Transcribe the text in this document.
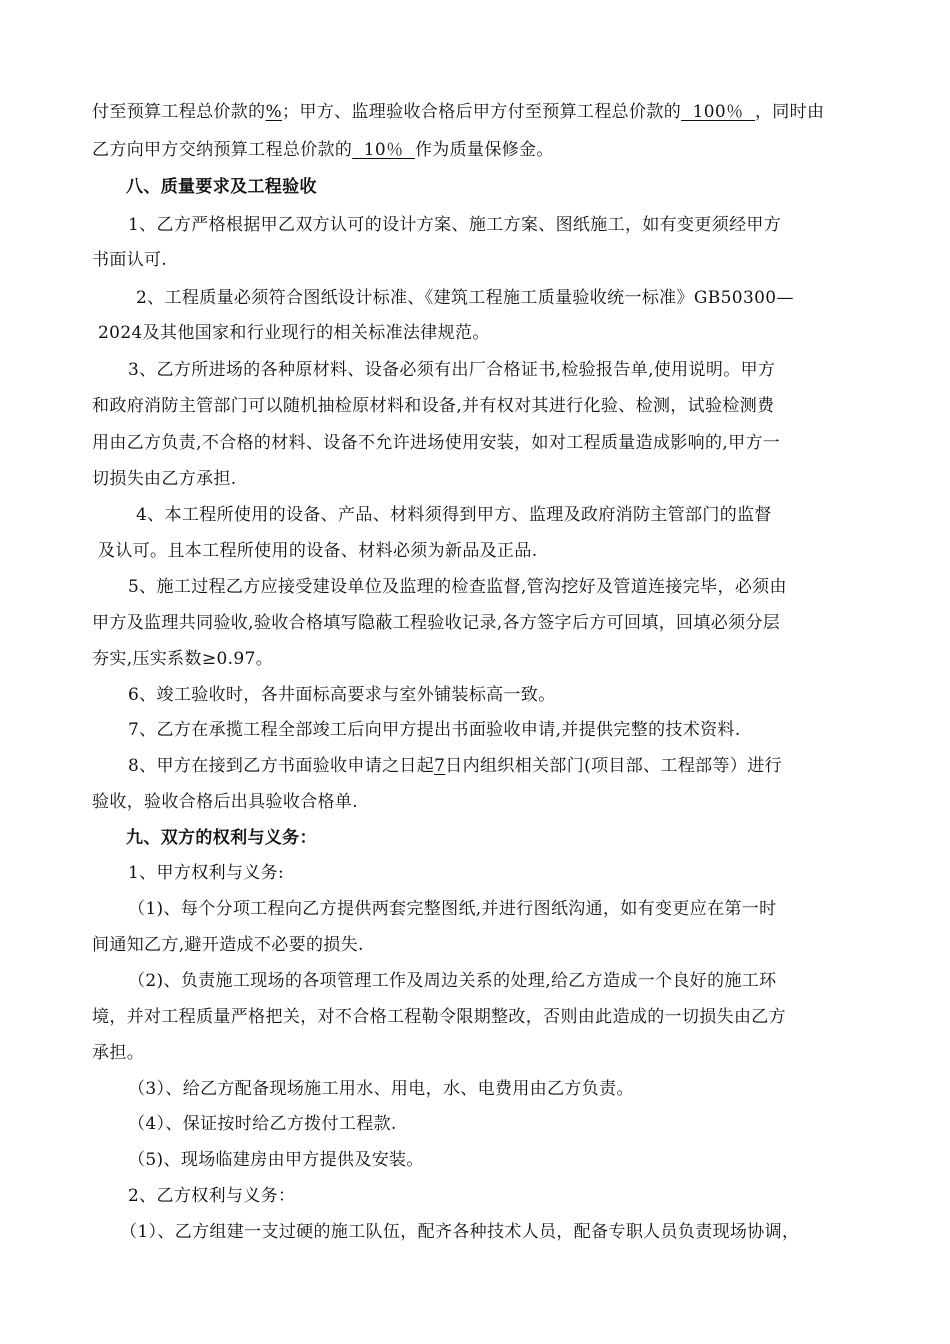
付至预算工程总价款的%；甲方、监理验收合格后甲方付至预算工程总价款的  100％  ，同时由
乙方向甲方交纳预算工程总价款的  10％  作为质量保修金。
八、质量要求及工程验收
1、乙方严格根据甲乙双方认可的设计方案、施工方案、图纸施工，如有变更须经甲方
书面认可.
2、工程质量必须符合图纸设计标准、《建筑工程施工质量验收统一标准》GB50300—
2024及其他国家和行业现行的相关标准法律规范。
3、乙方所进场的各种原材料、设备必须有出厂合格证书,检验报告单,使用说明。甲方
和政府消防主管部门可以随机抽检原材料和设备,并有权对其进行化验、检测，试验检测费
用由乙方负责,不合格的材料、设备不允许进场使用安装，如对工程质量造成影响的,甲方一
切损失由乙方承担.
4、本工程所使用的设备、产品、材料须得到甲方、监理及政府消防主管部门的监督
及认可。且本工程所使用的设备、材料必须为新品及正品.
5、施工过程乙方应接受建设单位及监理的检查监督,管沟挖好及管道连接完毕，必须由
甲方及监理共同验收,验收合格填写隐蔽工程验收记录,各方签字后方可回填，回填必须分层
夯实,压实系数≥0.97。
6、竣工验收时，各井面标高要求与室外铺装标高一致。
7、乙方在承揽工程全部竣工后向甲方提出书面验收申请,并提供完整的技术资料.
8、甲方在接到乙方书面验收申请之日起7日内组织相关部门(项目部、工程部等）进行
验收，验收合格后出具验收合格单.
九、双方的权利与义务：
1、甲方权利与义务:
（1)、每个分项工程向乙方提供两套完整图纸,并进行图纸沟通，如有变更应在第一时
间通知乙方,避开造成不必要的损失.
（2)、负责施工现场的各项管理工作及周边关系的处理,给乙方造成一个良好的施工环
境，并对工程质量严格把关，对不合格工程勒令限期整改，否则由此造成的一切损失由乙方
承担。
（3）、给乙方配备现场施工用水、用电，水、电费用由乙方负责。
（4）、保证按时给乙方拨付工程款.
（5)、现场临建房由甲方提供及安装。
2、乙方权利与义务：
（1）、乙方组建一支过硬的施工队伍，配齐各种技术人员，配备专职人员负责现场协调，
